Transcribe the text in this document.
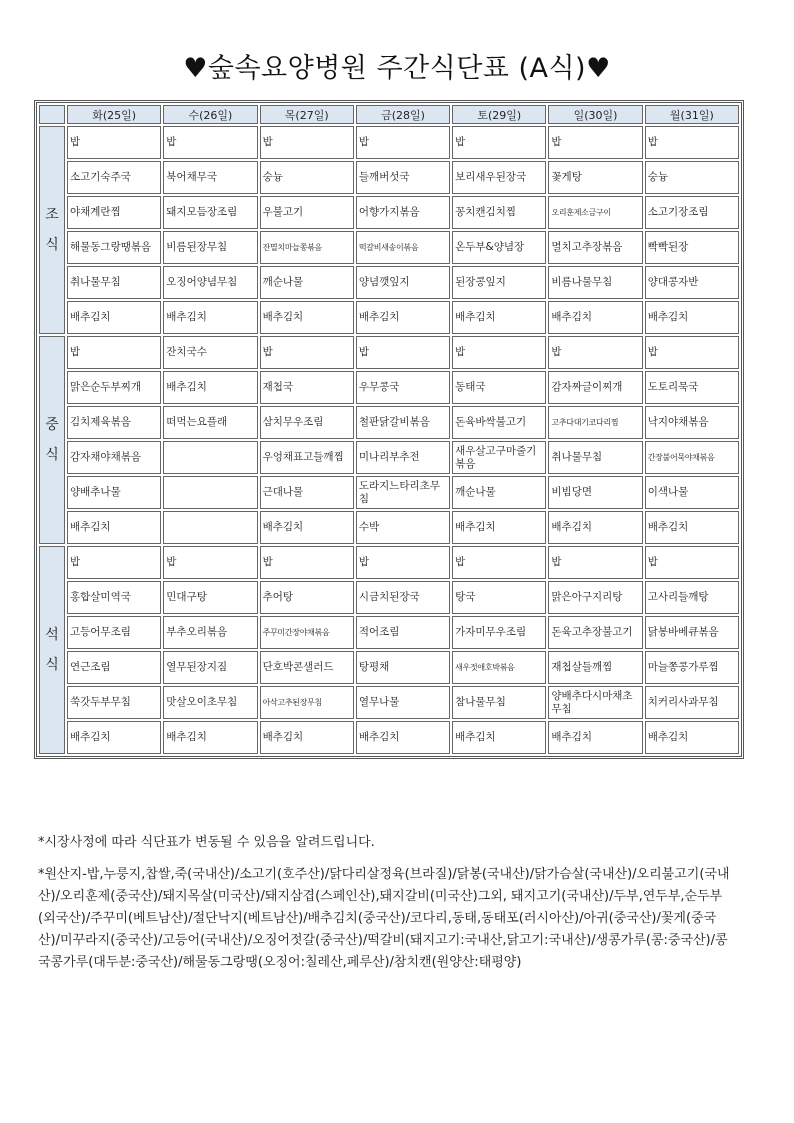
♥숲속요양병원 주간식단표 (A식)♥
	화(25일)	수(26일)	목(27일)	금(28일)	토(29일)	일(30일)	월(31일)
조
식	밥	밥	밥	밥	밥	밥	밥
	소고기숙주국	북어채무국	숭늉	들깨버섯국	보리새우된장국	꽃게탕	숭늉
	야채계란찜	돼지모듬장조림	우불고기	어향가지볶음	꽁치캔김치찜	오리훈제소금구이	소고기장조림
	해물동그랑땡볶음	비름된장무침	잔멸치마늘쫑볶음	떡갈비새송이볶음	온두부&양념장	멸치고추장볶음	빡빡된장
	취나물무침	오징어양념무침	깨순나물	양념깻잎지	된장콩잎지	비름나물무침	양대콩자반
	배추김치	배추김치	배추김치	배추김치	배추김치	배추김치	배추김치
중
식	밥	잔치국수	밥	밥	밥	밥	밥
	맑은순두부찌개	배추김치	재첩국	우무콩국	동태국	감자짜글이찌개	도토리묵국
	김치제육볶음	떠먹는요플래	삼치무우조림	철판닭갈비볶음	돈육바싹불고기	고추다대기코다리찜	낙지야채볶음
	감자채야채볶음		우엉채표고들깨찜	미나리부추전	새우살고구마줄기볶음	취나물무침	간장불어묵야채볶음
	양배추나물		근대나물	도라지느타리초무침	깨순나물	비빔당면	이색나물
	배추김치		배추김치	수박	배추김치	배추김치	배추김치
석
식	밥	밥	밥	밥	밥	밥	밥
	홍합살미역국	민대구탕	추어탕	시금치된장국	탕국	맑은아구지리탕	고사리들깨탕
	고등어무조림	부추오리볶음	주꾸미간장야채볶음	적어조림	가자미무우조림	돈육고추장불고기	닭봉바베큐볶음
	연근조림	열무된장지짐	단호박콘샐러드	탕평채	새우젓애호박볶음	재첩살들깨찜	마늘쫑콩가루찜
	쑥갓두부무침	맛살오이초무침	아삭고추된장무침	열무나물	참나물무침	양배추다시마채초무침	치커리사과무침
	배추김치	배추김치	배추김치	배추김치	배추김치	배추김치	배추김치

*시장사정에 따라 식단표가 변동될 수 있음을 알려드립니다.

*원산지-밥,누룽지,찹쌀,죽(국내산)/소고기(호주산)/닭다리살정육(브라질)/닭봉(국내산)/닭가슴살(국내산)/오리불고기(국내산)/오리훈제(중국산)/돼지목살(미국산)/돼지삼겹(스페인산),돼지갈비(미국산)그외, 돼지고기(국내산)/두부,연두부,순두부(외국산)/주꾸미(베트남산)/절단낙지(베트남산)/배추김치(중국산)/코다리,동태,동태포(러시아산)/아귀(중국산)/꽃게(중국산)/미꾸라지(중국산)/고등어(국내산)/오징어젓갈(중국산)/떡갈비(돼지고기:국내산,닭고기:국내산)/생콩가루(콩:중국산)/콩국콩가루(대두분:중국산)/해물동그랑땡(오징어:칠레산,페루산)/참치캔(원양산:태평양)
